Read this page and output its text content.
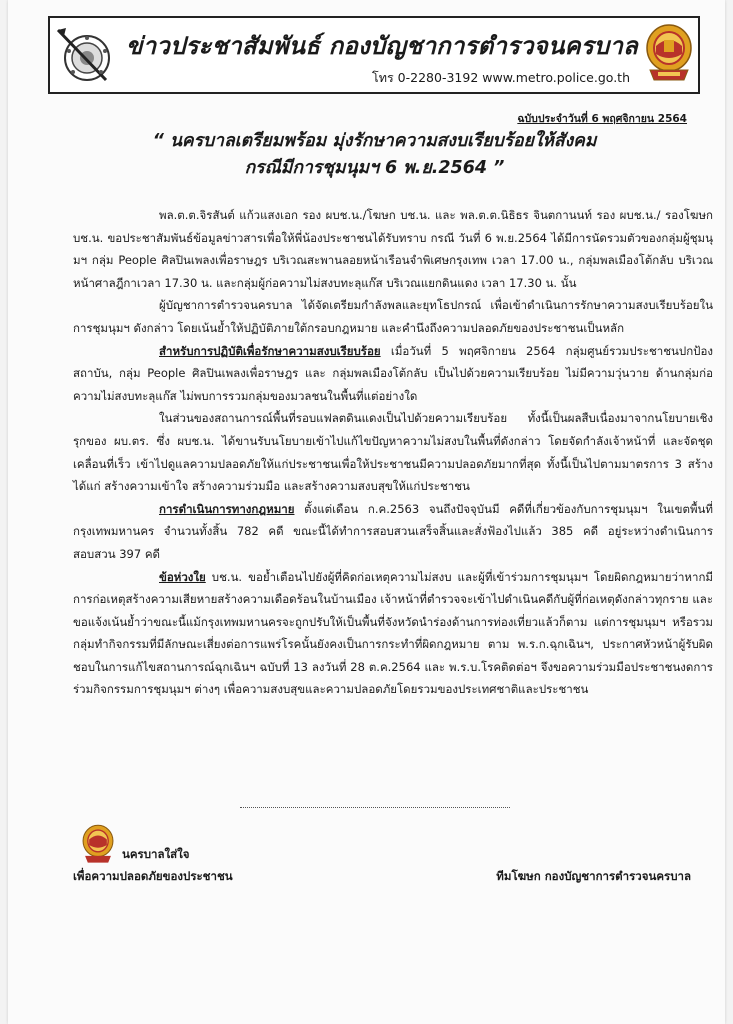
ข่าวประชาสัมพันธ์ กองบัญชาการตำรวจนครบาล
โทร 0-2280-3192 www.metro.police.go.th
ฉบับประจำวันที่ 6 พฤศจิกายน 2564
“ นครบาลเตรียมพร้อม มุ่งรักษาความสงบเรียบร้อยให้สังคม
กรณีมีการชุมนุมฯ 6 พ.ย.2564 ”

พล.ต.ต.จิรสันต์ แก้วแสงเอก รอง ผบช.น./โฆษก บช.น. และ พล.ต.ต.นิธิธร จินตกานนท์ รอง ผบช.น./ รองโฆษก บช.น. ขอประชาสัมพันธ์ข้อมูลข่าวสารเพื่อให้พี่น้องประชาชนได้รับทราบ กรณี วันที่ 6 พ.ย.2564 ได้มีการนัดรวมตัวของกลุ่มผู้ชุมนุมฯ กลุ่ม People ศิลปินเพลงเพื่อราษฎร บริเวณสะพานลอยหน้าเรือนจำพิเศษกรุงเทพ เวลา 17.00 น., กลุ่มพลเมืองโต้กลับ บริเวณหน้าศาลฎีกาเวลา 17.30 น. และกลุ่มผู้ก่อความไม่สงบทะลุแก๊ส บริเวณแยกดินแดง เวลา 17.30 น. นั้น

ผู้บัญชาการตำรวจนครบาล ได้จัดเตรียมกำลังพลและยุทโธปกรณ์ เพื่อเข้าดำเนินการรักษาความสงบเรียบร้อยในการชุมนุมฯ ดังกล่าว โดยเน้นย้ำให้ปฏิบัติภายใต้กรอบกฎหมาย และคำนึงถึงความปลอดภัยของประชาชนเป็นหลัก

สำหรับการปฏิบัติเพื่อรักษาความสงบเรียบร้อย เมื่อวันที่ 5 พฤศจิกายน 2564 กลุ่มศูนย์รวมประชาชนปกป้องสถาบัน, กลุ่ม People ศิลปินเพลงเพื่อราษฎร และ กลุ่มพลเมืองโต้กลับ เป็นไปด้วยความเรียบร้อย ไม่มีความวุ่นวาย ด้านกลุ่มก่อความไม่สงบทะลุแก๊ส ไม่พบการรวมกลุ่มของมวลชนในพื้นที่แต่อย่างใด

ในส่วนของสถานการณ์พื้นที่รอบแฟลตดินแดงเป็นไปด้วยความเรียบร้อย ทั้งนี้เป็นผลสืบเนื่องมาจากนโยบายเชิงรุกของ ผบ.ตร. ซึ่ง ผบช.น. ได้ขานรับนโยบายเข้าไปแก้ไขปัญหาความไม่สงบในพื้นที่ดังกล่าว โดยจัดกำลังเจ้าหน้าที่ และจัดชุดเคลื่อนที่เร็ว เข้าไปดูแลความปลอดภัยให้แก่ประชาชนเพื่อให้ประชาชนมีความปลอดภัยมากที่สุด ทั้งนี้เป็นไปตามมาตรการ 3 สร้าง ได้แก่ สร้างความเข้าใจ สร้างความร่วมมือ และสร้างความสงบสุขให้แก่ประชาชน

การดำเนินการทางกฎหมาย ตั้งแต่เดือน ก.ค.2563 จนถึงปัจจุบันมี คดีที่เกี่ยวข้องกับการชุมนุมฯ ในเขตพื้นที่กรุงเทพมหานคร จำนวนทั้งสิ้น 782 คดี ขณะนี้ได้ทำการสอบสวนเสร็จสิ้นและสั่งฟ้องไปแล้ว 385 คดี อยู่ระหว่างดำเนินการสอบสวน 397 คดี

ข้อห่วงใย บช.น. ขอย้ำเตือนไปยังผู้ที่คิดก่อเหตุความไม่สงบ และผู้ที่เข้าร่วมการชุมนุมฯ โดยผิดกฎหมายว่าหากมีการก่อเหตุสร้างความเสียหายสร้างความเดือดร้อนในบ้านเมือง เจ้าหน้าที่ตำรวจจะเข้าไปดำเนินคดีกับผู้ที่ก่อเหตุดังกล่าวทุกราย และ ขอแจ้งเน้นย้ำว่าขณะนี้แม้กรุงเทพมหานครจะถูกปรับให้เป็นพื้นที่จังหวัดนำร่องด้านการท่องเที่ยวแล้วก็ตาม แต่การชุมนุมฯ หรือรวมกลุ่มทำกิจกรรมที่มีลักษณะเสี่ยงต่อการแพร่โรคนั้นยังคงเป็นการกระทำที่ผิดกฎหมาย ตาม พ.ร.ก.ฉุกเฉินฯ, ประกาศหัวหน้าผู้รับผิดชอบในการแก้ไขสถานการณ์ฉุกเฉินฯ ฉบับที่ 13 ลงวันที่ 28 ต.ค.2564 และ พ.ร.บ.โรคติดต่อฯ จึงขอความร่วมมือประชาชนงดการร่วมกิจกรรมการชุมนุมฯ ต่างๆ เพื่อความสงบสุขและความปลอดภัยโดยรวมของประเทศชาติและประชาชน

นครบาลใส่ใจ
เพื่อความปลอดภัยของประชาชน	ทีมโฆษก กองบัญชาการตำรวจนครบาล
